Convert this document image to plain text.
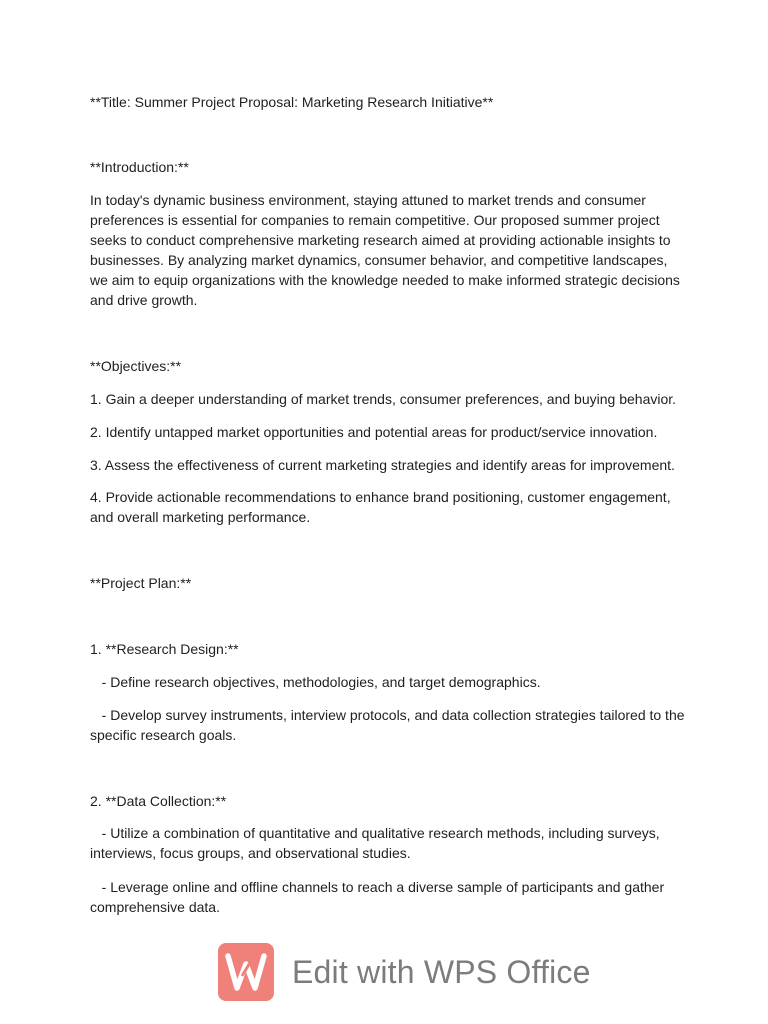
**Title: Summer Project Proposal: Marketing Research Initiative**
**Introduction:**
In today's dynamic business environment, staying attuned to market trends and consumer
preferences is essential for companies to remain competitive. Our proposed summer project
seeks to conduct comprehensive marketing research aimed at providing actionable insights to
businesses. By analyzing market dynamics, consumer behavior, and competitive landscapes,
we aim to equip organizations with the knowledge needed to make informed strategic decisions
and drive growth.
**Objectives:**
1. Gain a deeper understanding of market trends, consumer preferences, and buying behavior.
2. Identify untapped market opportunities and potential areas for product/service innovation.
3. Assess the effectiveness of current marketing strategies and identify areas for improvement.
4. Provide actionable recommendations to enhance brand positioning, customer engagement,
and overall marketing performance.
**Project Plan:**
1. **Research Design:**
- Define research objectives, methodologies, and target demographics.
- Develop survey instruments, interview protocols, and data collection strategies tailored to the
specific research goals.
2. **Data Collection:**
- Utilize a combination of quantitative and qualitative research methods, including surveys,
interviews, focus groups, and observational studies.
- Leverage online and offline channels to reach a diverse sample of participants and gather
comprehensive data.
Edit with WPS Office
